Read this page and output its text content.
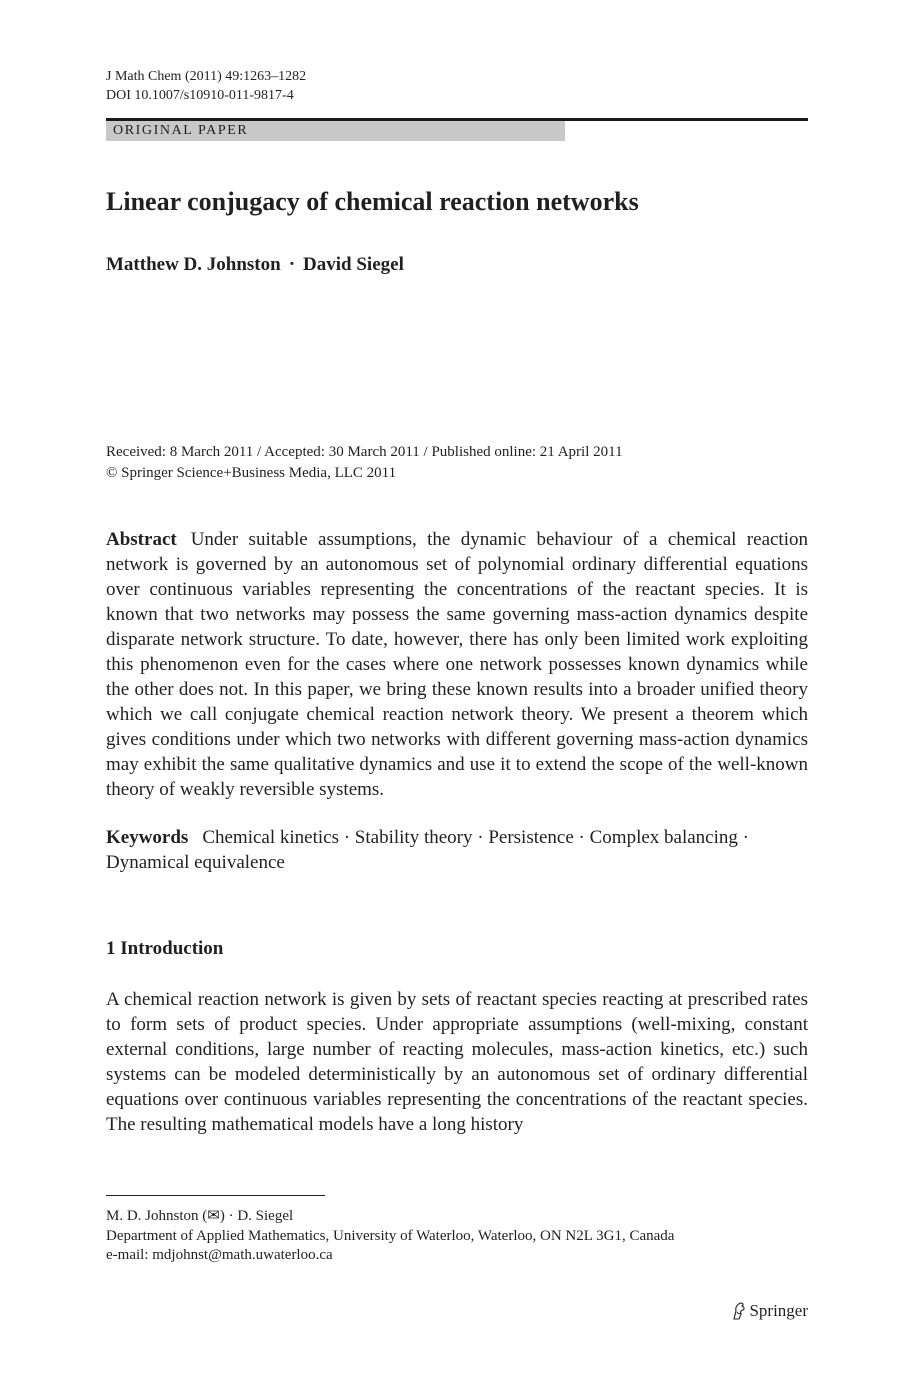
J Math Chem (2011) 49:1263–1282
DOI 10.1007/s10910-011-9817-4
ORIGINAL PAPER
Linear conjugacy of chemical reaction networks
Matthew D. Johnston · David Siegel
Received: 8 March 2011 / Accepted: 30 March 2011 / Published online: 21 April 2011
© Springer Science+Business Media, LLC 2011
Abstract Under suitable assumptions, the dynamic behaviour of a chemical reaction network is governed by an autonomous set of polynomial ordinary differential equations over continuous variables representing the concentrations of the reactant species. It is known that two networks may possess the same governing mass-action dynamics despite disparate network structure. To date, however, there has only been limited work exploiting this phenomenon even for the cases where one network possesses known dynamics while the other does not. In this paper, we bring these known results into a broader unified theory which we call conjugate chemical reaction network theory. We present a theorem which gives conditions under which two networks with different governing mass-action dynamics may exhibit the same qualitative dynamics and use it to extend the scope of the well-known theory of weakly reversible systems.
Keywords Chemical kinetics · Stability theory · Persistence · Complex balancing · Dynamical equivalence
1 Introduction
A chemical reaction network is given by sets of reactant species reacting at prescribed rates to form sets of product species. Under appropriate assumptions (well-mixing, constant external conditions, large number of reacting molecules, mass-action kinetics, etc.) such systems can be modeled deterministically by an autonomous set of ordinary differential equations over continuous variables representing the concentrations of the reactant species. The resulting mathematical models have a long history
M. D. Johnston (✉) · D. Siegel
Department of Applied Mathematics, University of Waterloo, Waterloo, ON N2L 3G1, Canada
e-mail: mdjohnst@math.uwaterloo.ca
Springer
